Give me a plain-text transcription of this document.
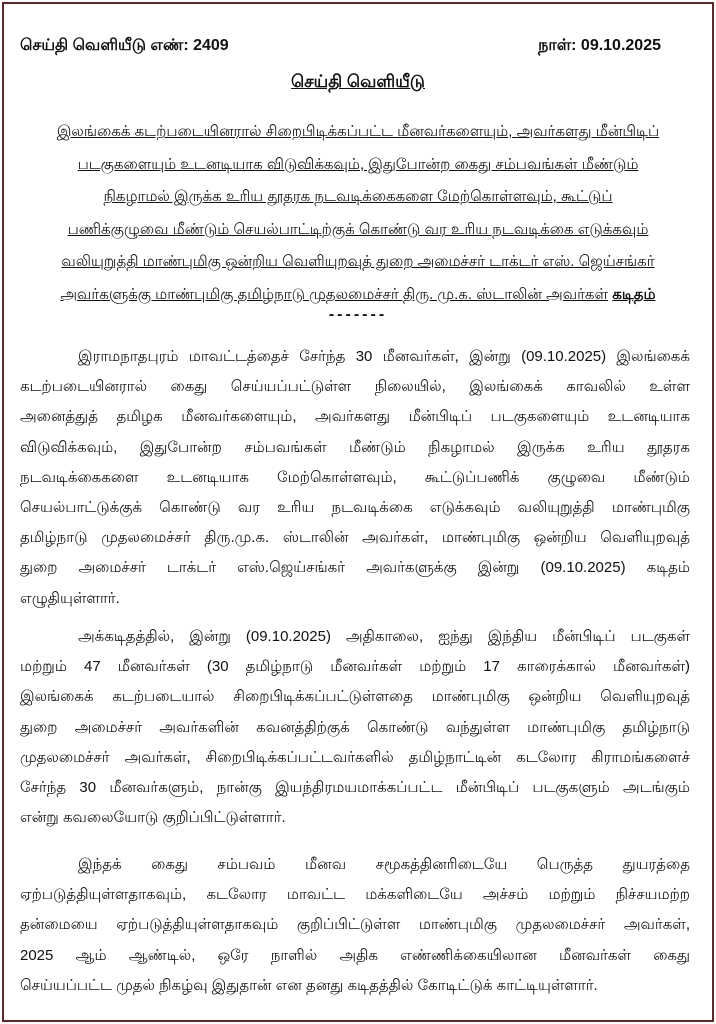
செய்தி வெளியீடு எண்: 2409	நாள்: 09.10.2025
செய்தி வெளியீடு
இலங்கைக் கடற்படையினரால் சிறைபிடிக்கப்பட்ட மீனவர்களையும், அவர்களது மீன்பிடிப்
படகுகளையும் உடனடியாக விடுவிக்கவும், இதுபோன்ற கைது சம்பவங்கள் மீண்டும்
நிகழாமல் இருக்க உரிய தூதரக நடவடிக்கைகளை மேற்கொள்ளவும், கூட்டுப்
பணிக்குழுவை மீண்டும் செயல்பாட்டிற்குக் கொண்டு வர உரிய நடவடிக்கை எடுக்கவும்
வலியுறுத்தி மாண்புமிகு ஒன்றிய வெளியுறவுத் துறை அமைச்சர் டாக்டர் எஸ். ஜெய்சங்கர்
அவர்களுக்கு மாண்புமிகு தமிழ்நாடு முதலமைச்சர் திரு. மு.க. ஸ்டாலின் அவர்கள் கடிதம்
-------
இராமநாதபுரம் மாவட்டத்தைச் சேர்ந்த 30 மீனவர்கள், இன்று (09.10.2025) இலங்கைக்
கடற்படையினரால் கைது செய்யப்பட்டுள்ள நிலையில், இலங்கைக் காவலில் உள்ள
அனைத்துத் தமிழக மீனவர்களையும், அவர்களது மீன்பிடிப் படகுகளையும் உடனடியாக
விடுவிக்கவும், இதுபோன்ற சம்பவங்கள் மீண்டும் நிகழாமல் இருக்க உரிய தூதரக
நடவடிக்கைகளை உடனடியாக மேற்கொள்ளவும், கூட்டுப்பணிக் குழுவை மீண்டும்
செயல்பாட்டுக்குக் கொண்டு வர உரிய நடவடிக்கை எடுக்கவும் வலியுறுத்தி மாண்புமிகு
தமிழ்நாடு முதலமைச்சர் திரு.மு.க. ஸ்டாலின் அவர்கள், மாண்புமிகு ஒன்றிய வெளியுறவுத்
துறை அமைச்சர் டாக்டர் எஸ்.ஜெய்சங்கர் அவர்களுக்கு இன்று (09.10.2025) கடிதம்
எழுதியுள்ளார்.
அக்கடிதத்தில், இன்று (09.10.2025) அதிகாலை, ஐந்து இந்திய மீன்பிடிப் படகுகள்
மற்றும் 47 மீனவர்கள் (30 தமிழ்நாடு மீனவர்கள் மற்றும் 17 காரைக்கால் மீனவர்கள்)
இலங்கைக் கடற்படையால் சிறைபிடிக்கப்பட்டுள்ளதை மாண்புமிகு ஒன்றிய வெளியுறவுத்
துறை அமைச்சர் அவர்களின் கவனத்திற்குக் கொண்டு வந்துள்ள மாண்புமிகு தமிழ்நாடு
முதலமைச்சர் அவர்கள், சிறைபிடிக்கப்பட்டவர்களில் தமிழ்நாட்டின் கடலோர கிராமங்களைச்
சேர்ந்த 30 மீனவர்களும், நான்கு இயந்திரமயமாக்கப்பட்ட மீன்பிடிப் படகுகளும் அடங்கும்
என்று கவலையோடு குறிப்பிட்டுள்ளார்.
இந்தக் கைது சம்பவம் மீனவ சமூகத்தினரிடையே பெருத்த துயரத்தை
ஏற்படுத்தியுள்ளதாகவும், கடலோர மாவட்ட மக்களிடையே அச்சம் மற்றும் நிச்சயமற்ற
தன்மையை ஏற்படுத்தியுள்ளதாகவும் குறிப்பிட்டுள்ள மாண்புமிகு முதலமைச்சர் அவர்கள்,
2025 ஆம் ஆண்டில், ஒரே நாளில் அதிக எண்ணிக்கையிலான மீனவர்கள் கைது
செய்யப்பட்ட முதல் நிகழ்வு இதுதான் என தனது கடிதத்தில் கோடிட்டுக் காட்டியுள்ளார்.
